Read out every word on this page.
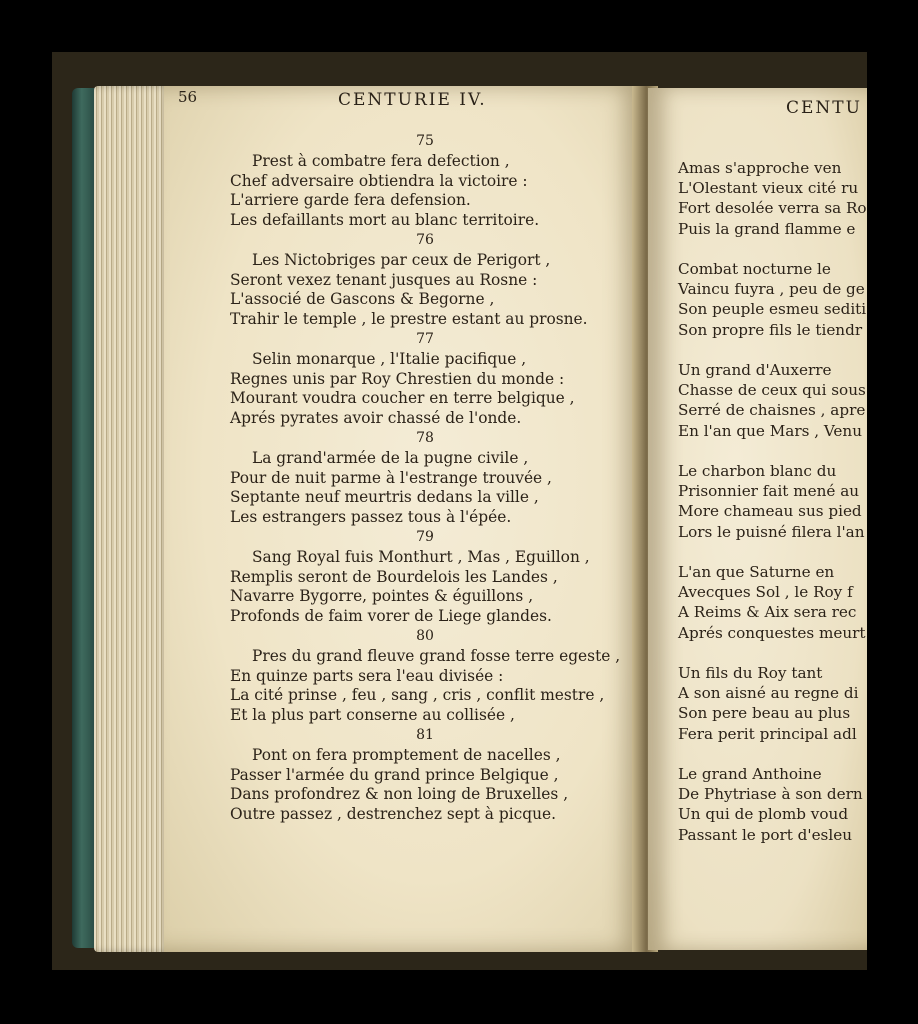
56	CENTURIE IV.
75
Prest à combatre fera defection ,
Chef adversaire obtiendra la victoire :
L'arriere garde fera defension.
Les defaillants mort au blanc territoire.
76
Les Nictobriges par ceux de Perigort ,
Seront vexez tenant jusques au Rosne :
L'associé de Gascons & Begorne ,
Trahir le temple , le prestre estant au prosne.
77
Selin monarque , l'Italie pacifique ,
Regnes unis par Roy Chrestien du monde :
Mourant voudra coucher en terre belgique ,
Aprés pyrates avoir chassé de l'onde.
78
La grand'armée de la pugne civile ,
Pour de nuit parme à l'estrange trouvée ,
Septante neuf meurtris dedans la ville ,
Les estrangers passez tous à l'épée.
79
Sang Royal fuis Monthurt , Mas , Eguillon ,
Remplis seront de Bourdelois les Landes ,
Navarre Bygorre, pointes & éguillons ,
Profonds de faim vorer de Liege glandes.
80
Pres du grand fleuve grand fosse terre egeste ,
En quinze parts sera l'eau divisée :
La cité prinse , feu , sang , cris , conflit mestre ,
Et la plus part conserne au collisée ,
81
Pont on fera promptement de nacelles ,
Passer l'armée du grand prince Belgique ,
Dans profondrez & non loing de Bruxelles ,
Outre passez , destrenchez sept à picque.
CENTU
Amas s'approche ven
L'Olestant vieux cité ru
Fort desolée verra sa Ro
Puis la grand flamme e
Combat nocturne le
Vaincu fuyra , peu de ge
Son peuple esmeu sediti
Son propre fils le tiendr
Un grand d'Auxerre
Chasse de ceux qui sous
Serré de chaisnes , apre
En l'an que Mars , Venu
Le charbon blanc du
Prisonnier fait mené au
More chameau sus pied
Lors le puisné filera l'an
L'an que Saturne en
Avecques Sol , le Roy f
A Reims & Aix sera rec
Aprés conquestes meurt
Un fils du Roy tant
A son aisné au regne di
Son pere beau au plus
Fera perit principal adl
Le grand Anthoine
De Phytriase à son dern
Un qui de plomb voud
Passant le port d'esleu
